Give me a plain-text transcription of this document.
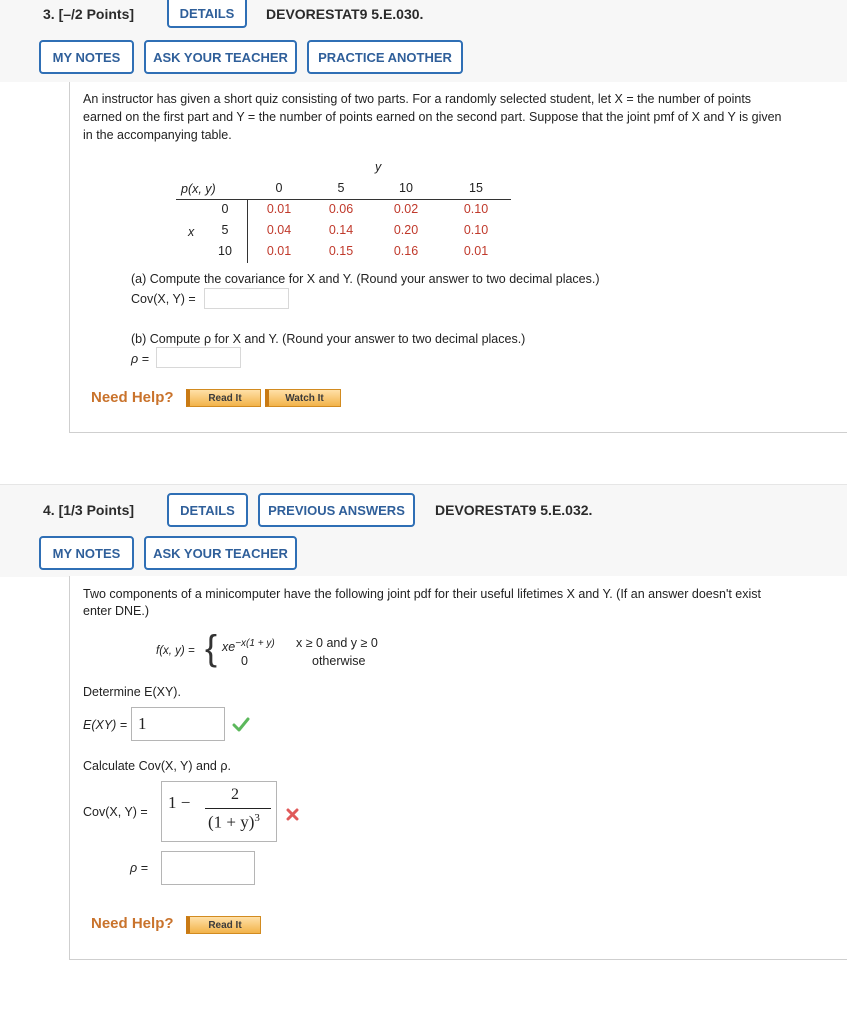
3. [–/2 Points]	DETAILS	DEVORESTAT9 5.E.030.
MY NOTES	ASK YOUR TEACHER	PRACTICE ANOTHER
An instructor has given a short quiz consisting of two parts. For a randomly selected student, let X = the number of points
earned on the first part and Y = the number of points earned on the second part. Suppose that the joint pmf of X and Y is given
in the accompanying table.
y
p(x, y)	0	5	10	15
x
0	0.01	0.06	0.02	0.10
5	0.04	0.14	0.20	0.10
10	0.01	0.15	0.16	0.01
(a) Compute the covariance for X and Y. (Round your answer to two decimal places.)
Cov(X, Y) =
(b) Compute ρ for X and Y. (Round your answer to two decimal places.)
ρ =
Need Help?	Read It	Watch It
4. [1/3 Points]	DETAILS	PREVIOUS ANSWERS	DEVORESTAT9 5.E.032.
MY NOTES	ASK YOUR TEACHER
Two components of a minicomputer have the following joint pdf for their useful lifetimes X and Y. (If an answer doesn't exist
enter DNE.)
f(x, y) = { $xe^{-x(1 + y)}$ x ≥ 0 and y ≥ 0
0	otherwise
Determine E(XY).
E(XY) = 1
Calculate Cov(X, Y) and ρ.
Cov(X, Y) = 1 −	2
$(1 + y)^3$
ρ =
Need Help?	Read It
